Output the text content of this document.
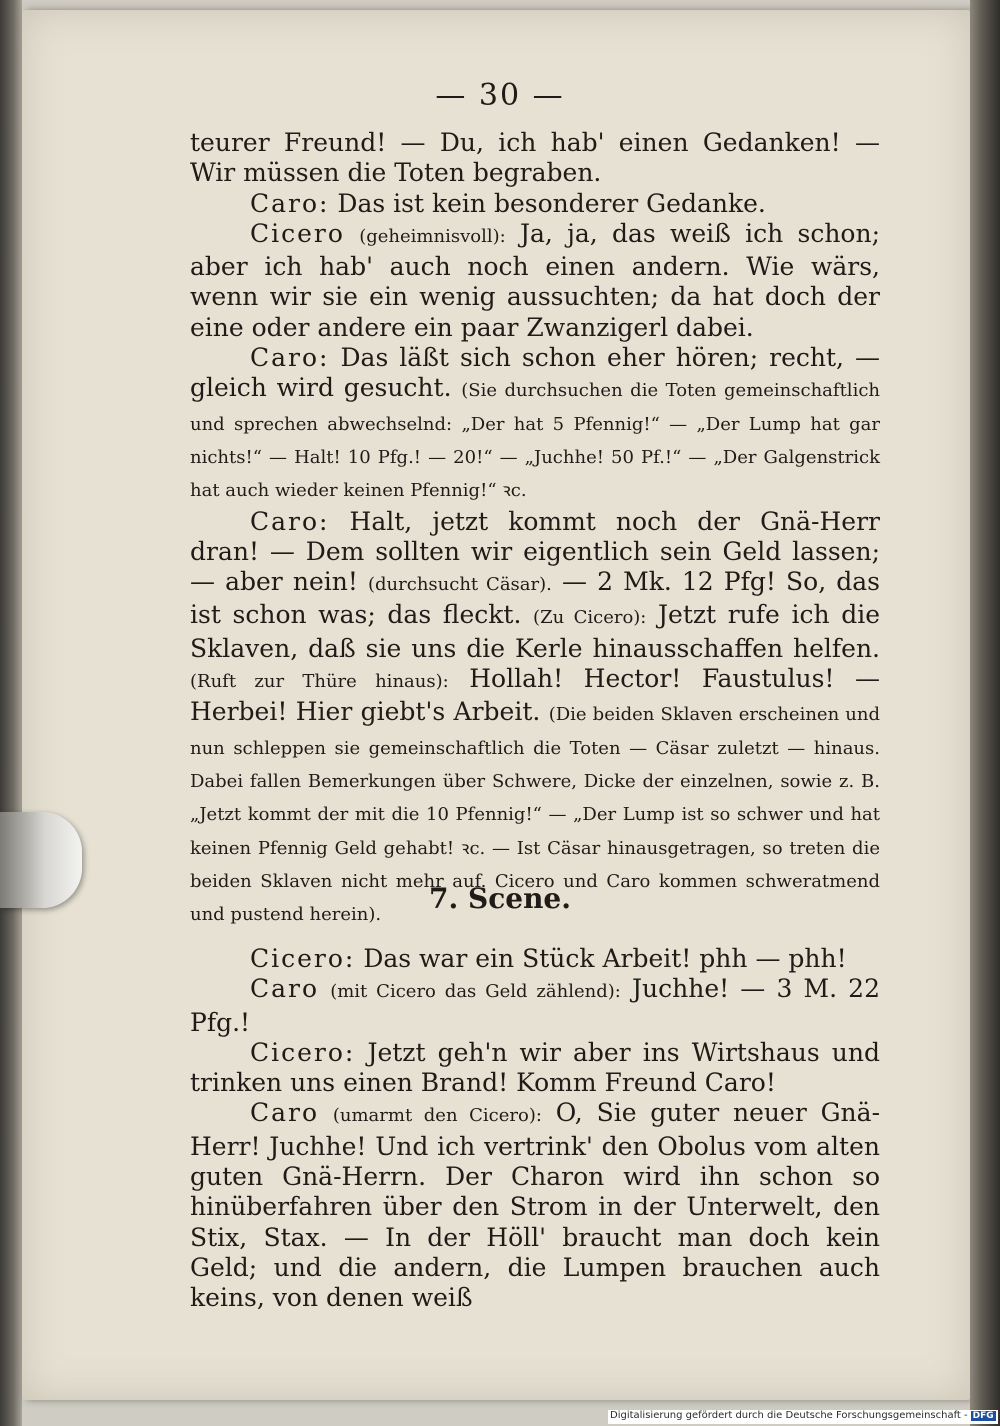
— 30 —

teurer Freund! — Du, ich hab' einen Gedanken! — Wir müssen die Toten begraben.

Caro: Das ist kein besonderer Gedanke.

Cicero (geheimnisvoll): Ja, ja, das weiß ich schon; aber ich hab' auch noch einen andern. Wie wärs, wenn wir sie ein wenig aussuchten; da hat doch der eine oder andere ein paar Zwanzigerl dabei.

Caro: Das läßt sich schon eher hören; recht, — gleich wird gesucht. (Sie durchsuchen die Toten gemeinschaftlich und sprechen abwechselnd: „Der hat 5 Pfennig!“ — „Der Lump hat gar nichts!“ — Halt! 10 Pfg.! — 20!“ — „Juchhe! 50 Pf.!“ — „Der Galgenstrick hat auch wieder keinen Pfennig!“ ꝛc.

Caro: Halt, jetzt kommt noch der Gnä-Herr dran! — Dem sollten wir eigentlich sein Geld lassen; — aber nein! (durchsucht Cäsar). — 2 Mk. 12 Pfg! So, das ist schon was; das fleckt. (Zu Cicero): Jetzt rufe ich die Sklaven, daß sie uns die Kerle hinausschaffen helfen. (Ruft zur Thüre hinaus): Hollah! Hector! Faustulus! — Herbei! Hier giebt's Arbeit. (Die beiden Sklaven erscheinen und nun schleppen sie gemeinschaftlich die Toten — Cäsar zuletzt — hinaus. Dabei fallen Bemerkungen über Schwere, Dicke der einzelnen, sowie z. B. „Jetzt kommt der mit die 10 Pfennig!“ — „Der Lump ist so schwer und hat keinen Pfennig Geld gehabt! ꝛc. — Ist Cäsar hinausgetragen, so treten die beiden Sklaven nicht mehr auf. Cicero und Caro kommen schweratmend und pustend herein).	7. Scene.

Cicero: Das war ein Stück Arbeit! phh — phh!

Caro (mit Cicero das Geld zählend): Juchhe! — 3 M. 22 Pfg.!

Cicero: Jetzt geh'n wir aber ins Wirtshaus und trinken uns einen Brand! Komm Freund Caro!

Caro (umarmt den Cicero): O, Sie guter neuer Gnä-Herr! Juchhe! Und ich vertrink' den Obolus vom alten guten Gnä-Herrn. Der Charon wird ihn schon so hinüberfahren über den Strom in der Unterwelt, den Stix, Stax. — In der Höll' braucht man doch kein Geld; und die andern, die Lumpen brauchen auch keins, von denen weiß

Digitalisierung gefördert durch die Deutsche Forschungsgemeinschaft - DFG
